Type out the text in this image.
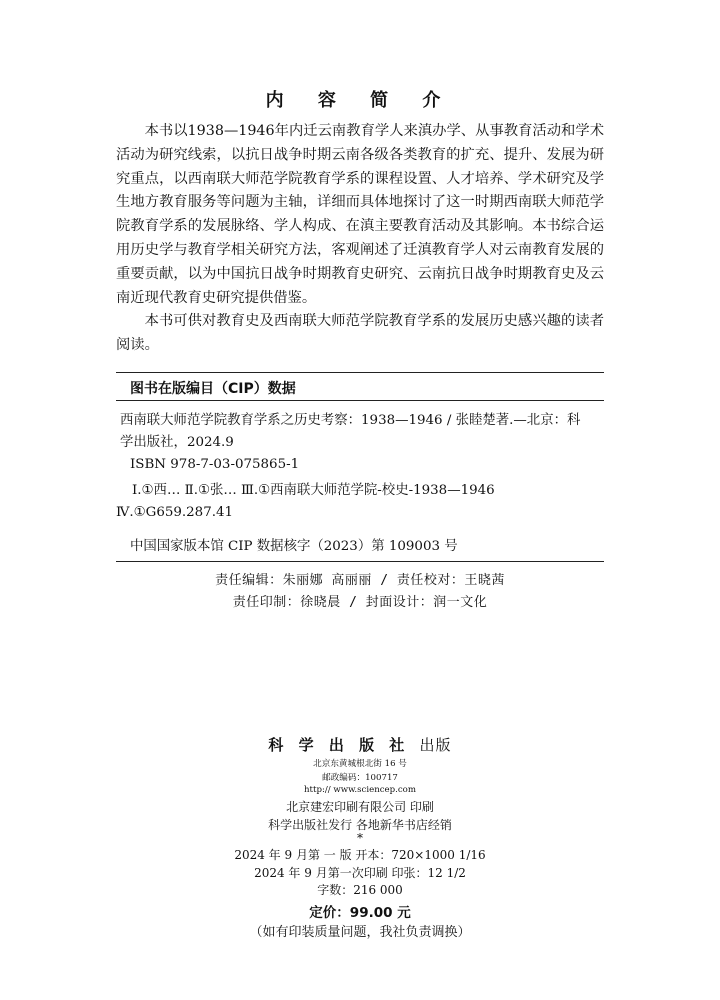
内 容 简 介

本书以1938—1946年内迁云南教育学人来滇办学、从事教育活动和学术活动为研究线索，以抗日战争时期云南各级各类教育的扩充、提升、发展为研究重点，以西南联大师范学院教育学系的课程设置、人才培养、学术研究及学生地方教育服务等问题为主轴，详细而具体地探讨了这一时期西南联大师范学院教育学系的发展脉络、学人构成、在滇主要教育活动及其影响。本书综合运用历史学与教育学相关研究方法，客观阐述了迁滇教育学人对云南教育发展的重要贡献，以为中国抗日战争时期教育史研究、云南抗日战争时期教育史及云南近现代教育史研究提供借鉴。

本书可供对教育史及西南联大师范学院教育学系的发展历史感兴趣的读者阅读。

图书在版编目（CIP）数据
西南联大师范学院教育学系之历史考察：1938—1946 / 张睦楚著.—北京：科
学出版社，2024.9
ISBN 978-7-03-075865-1
Ⅰ.①西… Ⅱ.①张… Ⅲ.①西南联大师范学院-校史-1938—1946
Ⅳ.①G659.287.41
中国国家版本馆 CIP 数据核字（2023）第 109003 号
责任编辑：朱丽娜 高丽丽 / 责任校对：王晓茜
责任印制：徐晓晨 / 封面设计：润一文化
科 学 出 版 社 出版
北京东黄城根北街 16 号
邮政编码：100717
http:// www.sciencep.com
北京建宏印刷有限公司 印刷
科学出版社发行 各地新华书店经销
*
2024 年 9 月第 一 版 开本：720×1000 1/16
2024 年 9 月第一次印刷 印张：12 1/2
字数：216 000
定价：99.00 元
（如有印装质量问题，我社负责调换）
